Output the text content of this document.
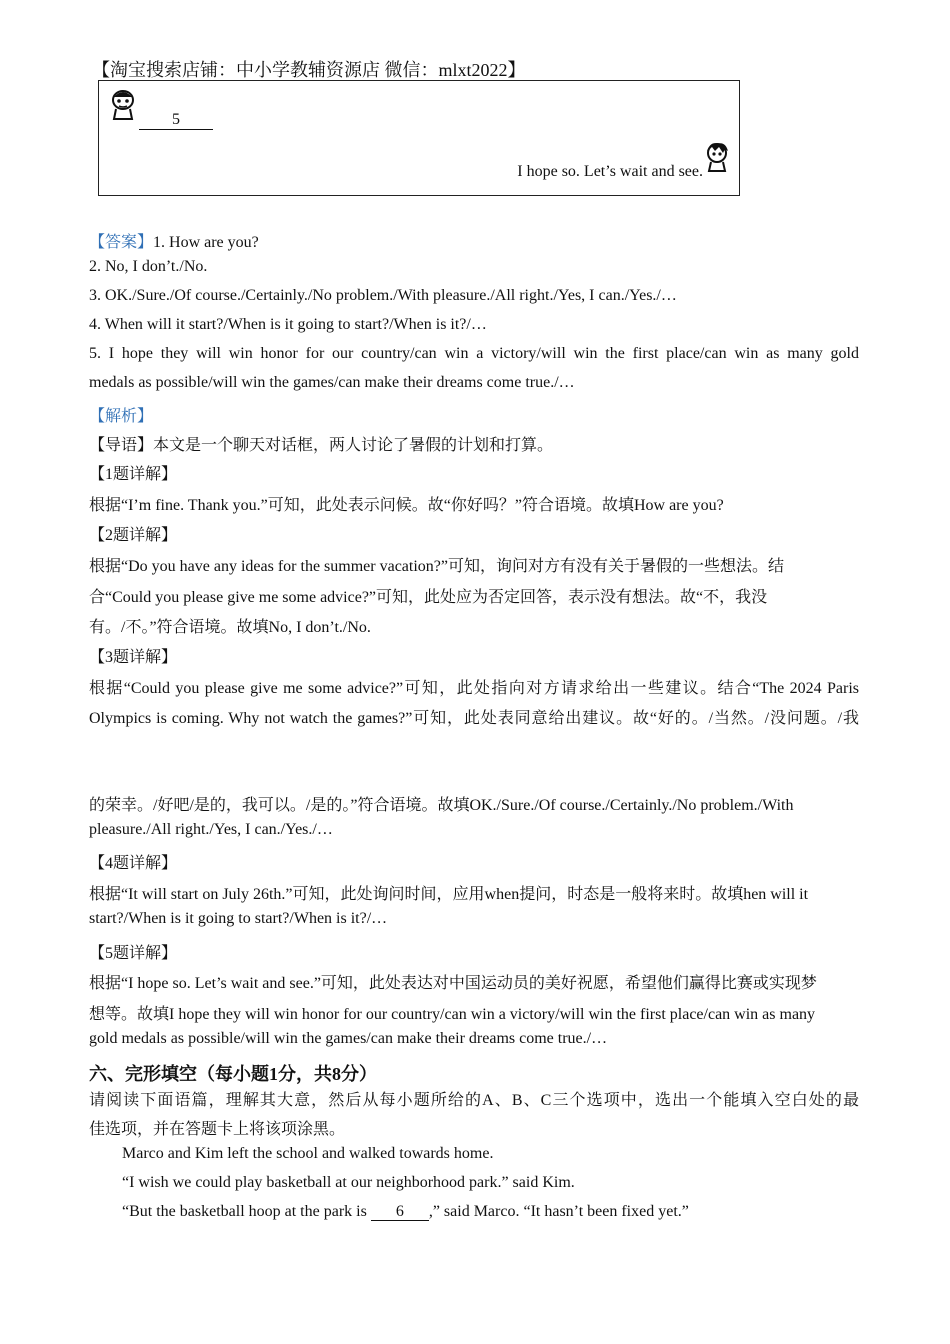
【淘宝搜索店铺：中小学教辅资源店 微信：mlxt2022】
5
I hope so. Let’s wait and see.
【答案】1. How are you?
2. No, I don’t./No.
3. OK./Sure./Of course./Certainly./No problem./With pleasure./All right./Yes, I can./Yes./…
4. When will it start?/When is it going to start?/When is it?/…
5. I hope they will win honor for our country/can win a victory/will win the first place/can win as many gold
medals as possible/will win the games/can make their dreams come true./…
【解析】
【导语】本文是一个聊天对话框，两人讨论了暑假的计划和打算。
【1题详解】
根据“I’m fine. Thank you.”可知，此处表示问候。故“你好吗？”符合语境。故填How are you?
【2题详解】
根据“Do you have any ideas for the summer vacation?”可知，询问对方有没有关于暑假的一些想法。结
合“Could you please give me some advice?”可知，此处应为否定回答，表示没有想法。故“不，我没
有。/不。”符合语境。故填No, I don’t./No.
【3题详解】
根据“Could you please give me some advice?”可知，此处指向对方请求给出一些建议。结合“The 2024 Paris
Olympics is coming. Why not watch the games?”可知，此处表同意给出建议。故“好的。/当然。/没问题。/我
的荣幸。/好吧/是的，我可以。/是的。”符合语境。故填OK./Sure./Of course./Certainly./No problem./With
pleasure./All right./Yes, I can./Yes./…
【4题详解】
根据“It will start on July 26th.”可知，此处询问时间，应用when提问，时态是一般将来时。故填hen will it
start?/When is it going to start?/When is it?/…
【5题详解】
根据“I hope so. Let’s wait and see.”可知，此处表达对中国运动员的美好祝愿，希望他们赢得比赛或实现梦
想等。故填I hope they will win honor for our country/can win a victory/will win the first place/can win as many
gold medals as possible/will win the games/can make their dreams come true./…
六、完形填空（每小题1分，共8分）
请阅读下面语篇，理解其大意，然后从每小题所给的A、B、C三个选项中，选出一个能填入空白处的最
佳选项，并在答题卡上将该项涂黑。
Marco and Kim left the school and walked towards home.
“I wish we could play basketball at our neighborhood park.” said Kim.
“But the basketball hoop at the park is 6 ,” said Marco. “It hasn’t been fixed yet.”
